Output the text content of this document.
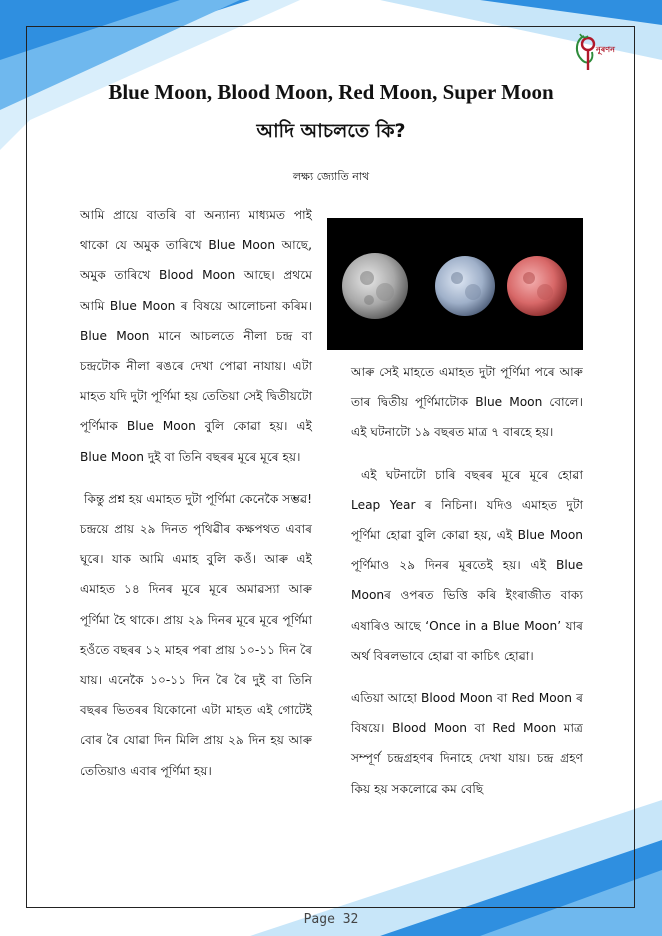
নূৰণন
Blue Moon, Blood Moon, Red Moon, Super Moon
আদি আচলতে কি?
লক্ষ্য জ্যোতি নাথ

আমি প্ৰায়ে বাতৰি বা অন্যান্য মাধ্যমত পাই থাকো যে অমুক তাৰিখে Blue Moon আছে, অমুক তাৰিখে Blood Moon আছে। প্ৰথমে আমি Blue Moon ৰ বিষয়ে আলোচনা কৰিম। Blue Moon মানে আচলতে নীলা চন্দ্ৰ বা চন্দ্ৰটোক নীলা ৰঙৰে দেখা পোৱা নাযায়। এটা মাহত যদি দুটা পূৰ্ণিমা হয় তেতিয়া সেই দ্বিতীয়টো পূৰ্ণিমাক Blue Moon বুলি কোৱা হয়। এই Blue Moon দুই বা তিনি বছৰৰ মূৰে মূৰে হয়।

কিন্তু প্ৰশ্ন হয় এমাহত দুটা পূৰ্ণিমা কেনেকৈ সম্ভৱ! চন্দ্ৰয়ে প্ৰায় ২৯ দিনত পৃথিৱীৰ কক্ষপথত এবাৰ ঘূৰে। যাক আমি এমাহ বুলি কওঁ। আৰু এই এমাহত ১৪ দিনৰ মূৰে মূৰে অমাৱস্যা আৰু পূৰ্ণিমা হৈ থাকে। প্ৰায় ২৯ দিনৰ মূৰে মূৰে পূৰ্ণিমা হওঁতে বছৰৰ ১২ মাহৰ পৰা প্ৰায় ১০-১১ দিন ৰৈ যায়। এনেকৈ ১০-১১ দিন ৰৈ ৰৈ দুই বা তিনি বছৰৰ ভিতৰৰ যিকোনো এটা মাহত এই গোটেই বোৰ ৰৈ যোৱা দিন মিলি প্ৰায় ২৯ দিন হয় আৰু তেতিয়াও এবাৰ পূৰ্ণিমা হয়।

আৰু সেই মাহতে এমাহত দুটা পূৰ্ণিমা পৰে আৰু তাৰ দ্বিতীয় পূৰ্ণিমাটোক Blue Moon বোলে। এই ঘটনাটো ১৯ বছৰত মাত্ৰ ৭ বাৰহে হয়।

এই ঘটনাটো চাৰি বছৰৰ মূৰে মূৰে হোৱা Leap Year ৰ নিচিনা। যদিও এমাহত দুটা পূৰ্ণিমা হোৱা বুলি কোৱা হয়, এই Blue Moon পূৰ্ণিমাও ২৯ দিনৰ মূৰতেই হয়। এই Blue Moonৰ ওপৰত ভিত্তি কৰি ইংৰাজীত বাক্য এষাৰিও আছে ‘Once in a Blue Moon’ যাৰ অৰ্থ বিৰলভাবে হোৱা বা কাচিৎ হোৱা।

এতিয়া আহো Blood Moon বা Red Moon ৰ বিষয়ে। Blood Moon বা Red Moon মাত্ৰ সম্পূৰ্ণ চন্দ্ৰগ্ৰহণৰ দিনাহে দেখা যায়। চন্দ্ৰ গ্ৰহণ কিয় হয় সকলোৱে কম বেছি

Page 32
